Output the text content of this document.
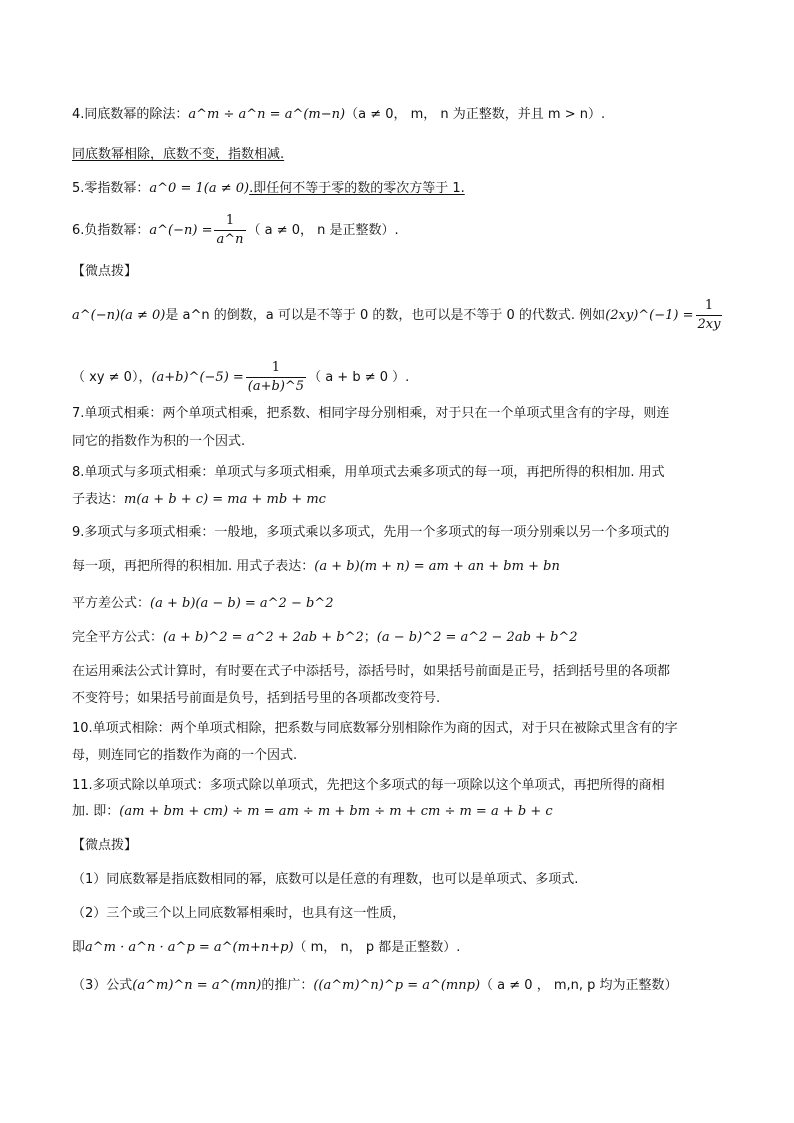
4.同底数幂的除法：a^m ÷ a^n = a^(m−n)（a ≠ 0， m， n 为正整数，并且 m > n）.
同底数幂相除，底数不变，指数相减.
5.零指数幂：a^0 = 1(a ≠ 0).即任何不等于零的数的零次方等于 1.
6.负指数幂：a^(−n) = $\frac{1}{a\^{}n}$ （ a ≠ 0， n 是正整数）.
【微点拨】
a^(−n)(a ≠ 0)是 a^n 的倒数，a 可以是不等于 0 的数，也可以是不等于 0 的代数式. 例如(2xy)^(−1) = $\frac{1}{2xy}$
（ xy ≠ 0），(a+b)^(−5) = $\frac{1}{(a+b)\^{}5}$ （ a + b ≠ 0 ）.
7.单项式相乘：两个单项式相乘，把系数、相同字母分别相乘，对于只在一个单项式里含有的字母，则连
同它的指数作为积的一个因式.
8.单项式与多项式相乘：单项式与多项式相乘，用单项式去乘多项式的每一项，再把所得的积相加. 用式
子表达：m(a + b + c) = ma + mb + mc
9.多项式与多项式相乘：一般地，多项式乘以多项式，先用一个多项式的每一项分别乘以另一个多项式的
每一项，再把所得的积相加. 用式子表达：(a + b)(m + n) = am + an + bm + bn
平方差公式：(a + b)(a − b) = a^2 − b^2
完全平方公式：(a + b)^2 = a^2 + 2ab + b^2；(a − b)^2 = a^2 − 2ab + b^2
在运用乘法公式计算时，有时要在式子中添括号，添括号时，如果括号前面是正号，括到括号里的各项都
不变符号；如果括号前面是负号，括到括号里的各项都改变符号.
10.单项式相除：两个单项式相除，把系数与同底数幂分别相除作为商的因式，对于只在被除式里含有的字
母，则连同它的指数作为商的一个因式.
11.多项式除以单项式：多项式除以单项式，先把这个多项式的每一项除以这个单项式，再把所得的商相
加. 即：(am + bm + cm) ÷ m = am ÷ m + bm ÷ m + cm ÷ m = a + b + c
【微点拨】
（1）同底数幂是指底数相同的幂，底数可以是任意的有理数，也可以是单项式、多项式.
（2）三个或三个以上同底数幂相乘时，也具有这一性质，
即a^m · a^n · a^p = a^(m+n+p)（ m， n， p 都是正整数）.
（3）公式(a^m)^n = a^(mn)的推广：((a^m)^n)^p = a^(mnp)（ a ≠ 0 ， m,n, p 均为正整数）
